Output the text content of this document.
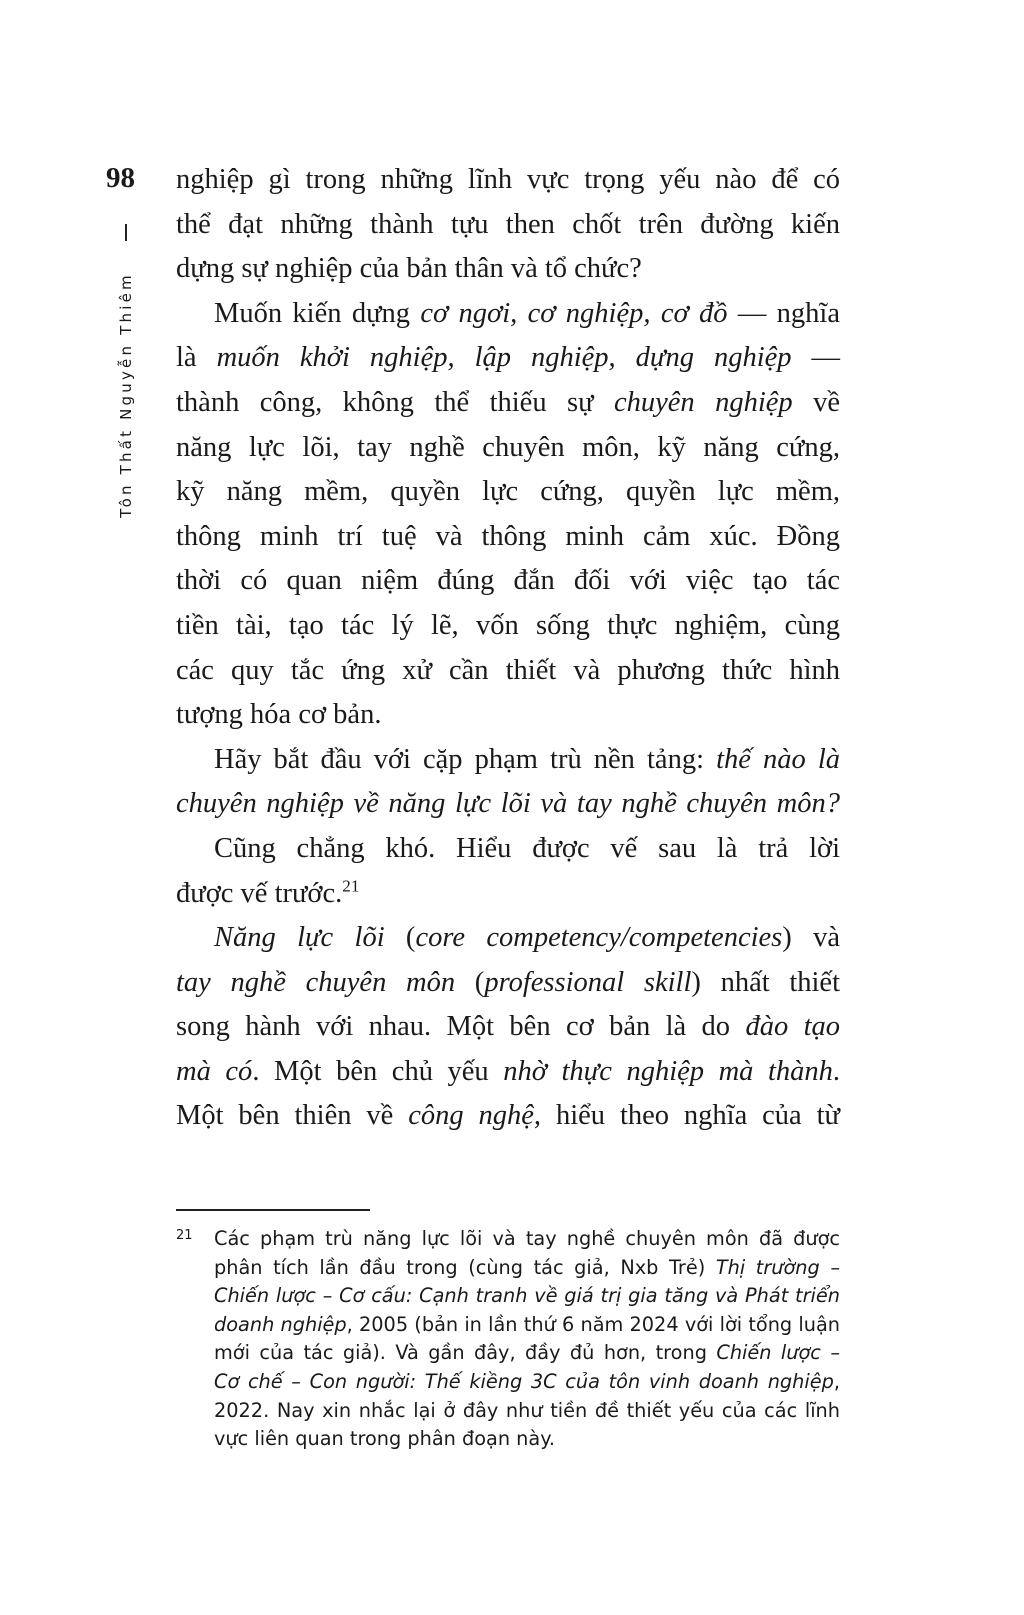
98
Tôn Thất Nguyễn Thiêm
nghiệp gì trong những lĩnh vực trọng yếu nào để có
thể đạt những thành tựu then chốt trên đường kiến
dựng sự nghiệp của bản thân và tổ chức?
Muốn kiến dựng cơ ngơi, cơ nghiệp, cơ đồ — nghĩa
là muốn khởi nghiệp, lập nghiệp, dựng nghiệp —
thành công, không thể thiếu sự chuyên nghiệp về
năng lực lõi, tay nghề chuyên môn, kỹ năng cứng,
kỹ năng mềm, quyền lực cứng, quyền lực mềm,
thông minh trí tuệ và thông minh cảm xúc. Đồng
thời có quan niệm đúng đắn đối với việc tạo tác
tiền tài, tạo tác lý lẽ, vốn sống thực nghiệm, cùng
các quy tắc ứng xử cần thiết và phương thức hình
tượng hóa cơ bản.
Hãy bắt đầu với cặp phạm trù nền tảng: thế nào là
chuyên nghiệp về năng lực lõi và tay nghề chuyên môn?
Cũng chẳng khó. Hiểu được vế sau là trả lời
được vế trước.$^{21}$
Năng lực lõi (core competency/competencies) và
tay nghề chuyên môn (professional skill) nhất thiết
song hành với nhau. Một bên cơ bản là do đào tạo
mà có. Một bên chủ yếu nhờ thực nghiệp mà thành.
Một bên thiên về công nghệ, hiểu theo nghĩa của từ
21 Các phạm trù năng lực lõi và tay nghề chuyên môn đã được
phân tích lần đầu trong (cùng tác giả, Nxb Trẻ) Thị trường –
Chiến lược – Cơ cấu: Cạnh tranh về giá trị gia tăng và Phát triển
doanh nghiệp, 2005 (bản in lần thứ 6 năm 2024 với lời tổng luận
mới của tác giả). Và gần đây, đầy đủ hơn, trong Chiến lược –
Cơ chế – Con người: Thế kiềng 3C của tôn vinh doanh nghiệp,
2022. Nay xin nhắc lại ở đây như tiền đề thiết yếu của các lĩnh
vực liên quan trong phân đoạn này.
